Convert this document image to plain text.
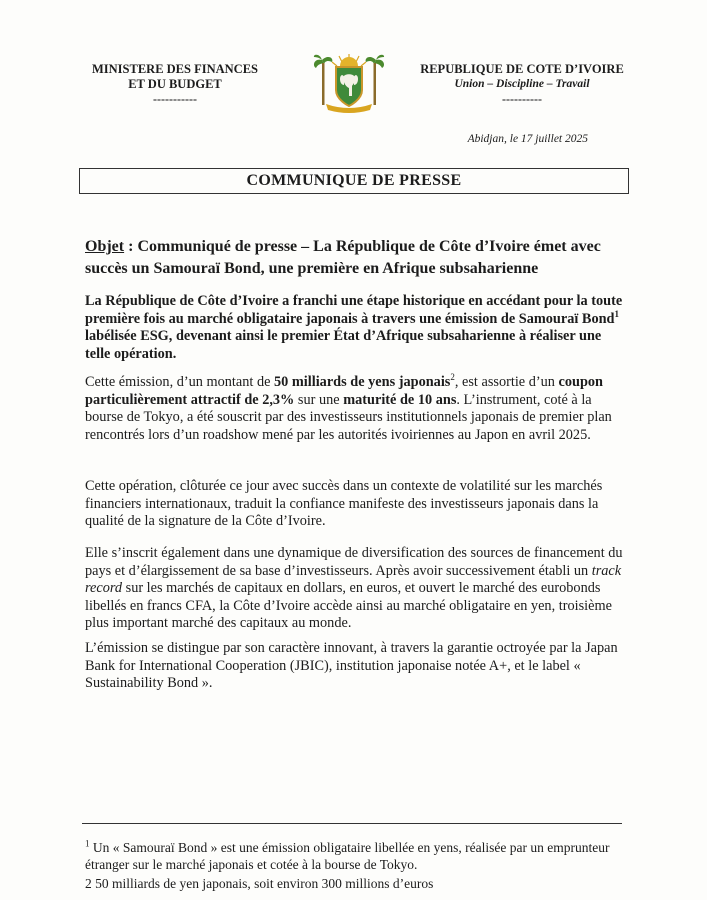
MINISTERE DES FINANCES
ET DU BUDGET
-----------
REPUBLIQUE DE COTE D’IVOIRE
Union – Discipline – Travail
----------
Abidjan, le 17 juillet 2025
COMMUNIQUE DE PRESSE
Objet : Communiqué de presse – La République de Côte d’Ivoire émet avec succès un Samouraï Bond, une première en Afrique subsaharienne
La République de Côte d’Ivoire a franchi une étape historique en accédant pour la toute première fois au marché obligataire japonais à travers une émission de Samouraï Bond$^1$ labélisée ESG, devenant ainsi le premier État d’Afrique subsaharienne à réaliser une telle opération.
Cette émission, d’un montant de 50 milliards de yens japonais$^2$, est assortie d’un coupon particulièrement attractif de 2,3% sur une maturité de 10 ans. L’instrument, coté à la bourse de Tokyo, a été souscrit par des investisseurs institutionnels japonais de premier plan rencontrés lors d’un roadshow mené par les autorités ivoiriennes au Japon en avril 2025.
Cette opération, clôturée ce jour avec succès dans un contexte de volatilité sur les marchés financiers internationaux, traduit la confiance manifeste des investisseurs japonais dans la qualité de la signature de la Côte d’Ivoire.
Elle s’inscrit également dans une dynamique de diversification des sources de financement du pays et d’élargissement de sa base d’investisseurs. Après avoir successivement établi un track record sur les marchés de capitaux en dollars, en euros, et ouvert le marché des eurobonds libellés en francs CFA, la Côte d’Ivoire accède ainsi au marché obligataire en yen, troisième plus important marché des capitaux au monde.
L’émission se distingue par son caractère innovant, à travers la garantie octroyée par la Japan Bank for International Cooperation (JBIC), institution japonaise notée A+, et le label « Sustainability Bond ».
$^1$ Un « Samouraï Bond » est une émission obligataire libellée en yens, réalisée par un emprunteur étranger sur le marché japonais et cotée à la bourse de Tokyo.
2 50 milliards de yen japonais, soit environ 300 millions d’euros
